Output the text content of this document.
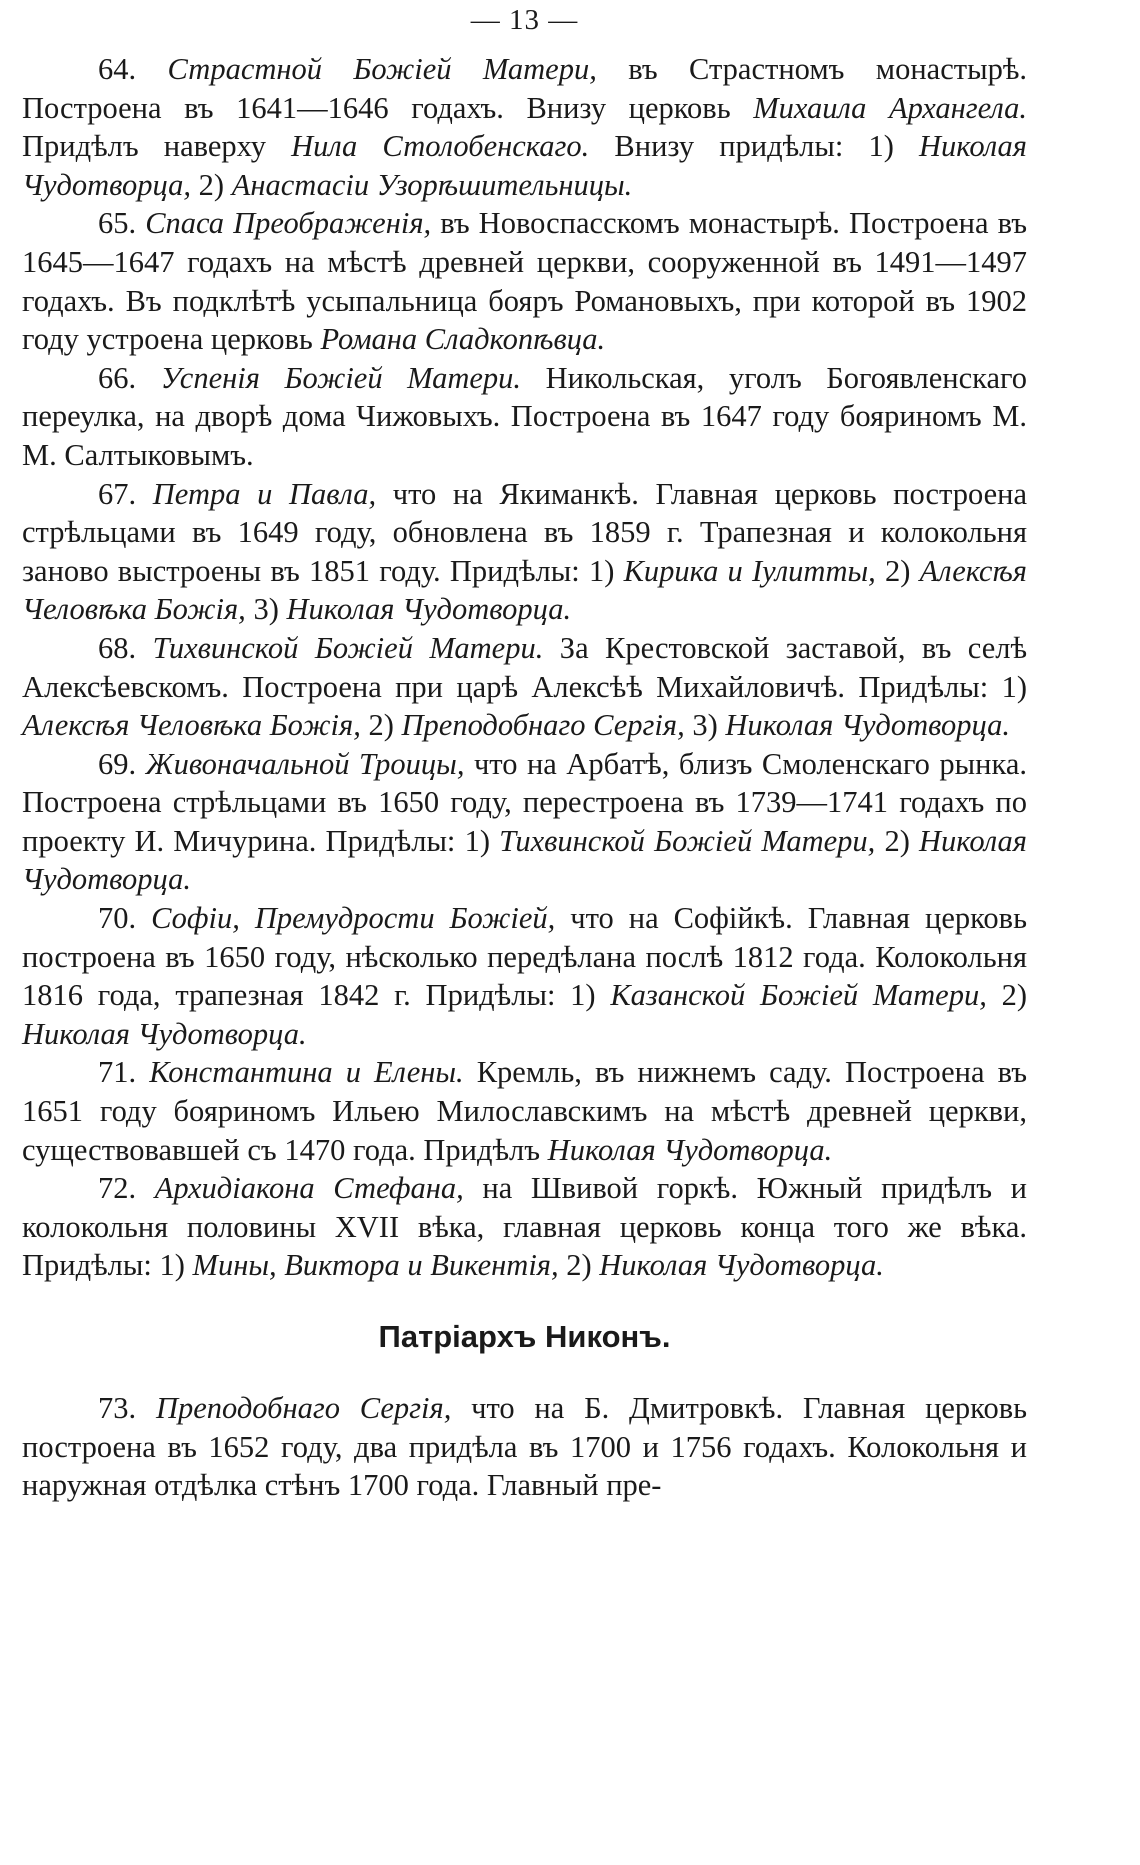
— 13 —

64. Страстной Божіей Матери, въ Страстномъ монастырѣ. Построена въ 1641—1646 годахъ. Внизу церковь Михаила Архангела. Придѣлъ наверху Нила Столобенскаго. Внизу придѣлы: 1) Николая Чудотворца, 2) Анастасіи Узорѣшительницы.

65. Спаса Преображенія, въ Новоспасскомъ монастырѣ. Построена въ 1645—1647 годахъ на мѣстѣ древней церкви, сооруженной въ 1491—1497 годахъ. Въ подклѣтѣ усыпальница бояръ Романовыхъ, при которой въ 1902 году устроена церковь Романа Сладкопѣвца.

66. Успенія Божіей Матери. Никольская, уголъ Богоявленскаго переулка, на дворѣ дома Чижовыхъ. Построена въ 1647 году бояриномъ М. М. Салтыковымъ.

67. Петра и Павла, что на Якиманкѣ. Главная церковь построена стрѣльцами въ 1649 году, обновлена въ 1859 г. Трапезная и колокольня заново выстроены въ 1851 году. Придѣлы: 1) Кирика и Іулитты, 2) Алексѣя Человѣка Божія, 3) Николая Чудотворца.

68. Тихвинской Божіей Матери. За Крестовской заставой, въ селѣ Алексѣевскомъ. Построена при царѣ Алексѣѣ Михайловичѣ. Придѣлы: 1) Алексѣя Человѣка Божія, 2) Преподобнаго Сергія, 3) Николая Чудотворца.

69. Живоначальной Троицы, что на Арбатѣ, близъ Смоленскаго рынка. Построена стрѣльцами въ 1650 году, перестроена въ 1739—1741 годахъ по проекту И. Мичурина. Придѣлы: 1) Тихвинской Божіей Матери, 2) Николая Чудотворца.

70. Софіи, Премудрости Божіей, что на Софійкѣ. Главная церковь построена въ 1650 году, нѣсколько передѣлана послѣ 1812 года. Колокольня 1816 года, трапезная 1842 г. Придѣлы: 1) Казанской Божіей Матери, 2) Николая Чудотворца.

71. Константина и Елены. Кремль, въ нижнемъ саду. Построена въ 1651 году бояриномъ Ильею Милославскимъ на мѣстѣ древней церкви, существовавшей съ 1470 года. Придѣлъ Николая Чудотворца.

72. Архидіакона Стефана, на Швивой горкѣ. Южный придѣлъ и колокольня половины XVII вѣка, главная церковь конца того же вѣка. Придѣлы: 1) Мины, Виктора и Викентія, 2) Николая Чудотворца.

Патріархъ Никонъ.

73. Преподобнаго Сергія, что на Б. Дмитровкѣ. Главная церковь построена въ 1652 году, два придѣла въ 1700 и 1756 годахъ. Колокольня и наружная отдѣлка стѣнъ 1700 года. Главный пре-
